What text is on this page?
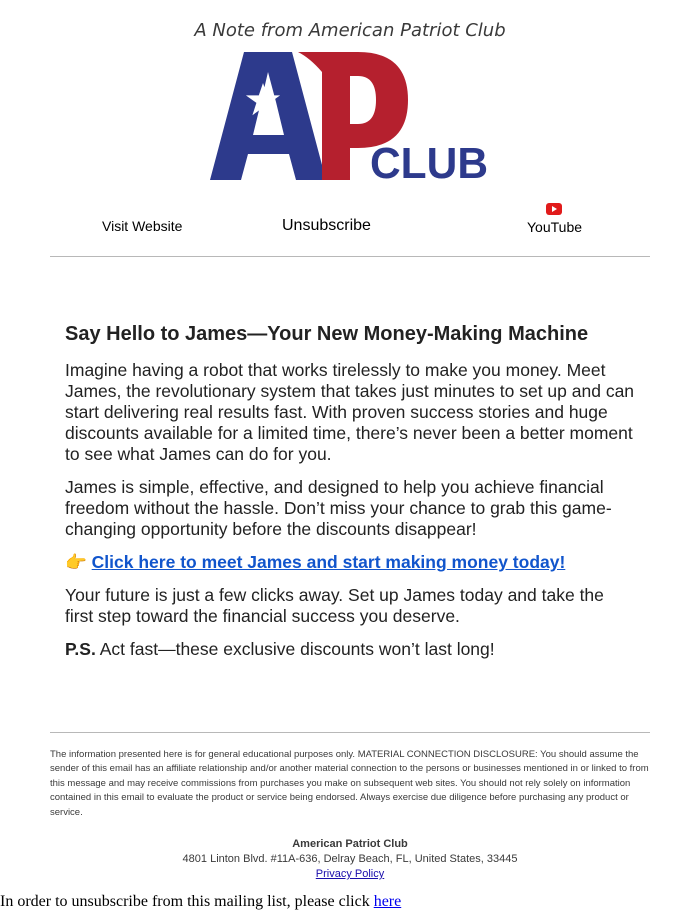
A Note from American Patriot Club
CLUB
Visit Website	Unsubscribe	YouTube
Say Hello to James—Your New Money-Making Machine

Imagine having a robot that works tirelessly to make you money. Meet James, the revolutionary system that takes just minutes to set up and can start delivering real results fast. With proven success stories and huge discounts available for a limited time, there’s never been a better moment to see what James can do for you.

James is simple, effective, and designed to help you achieve financial freedom without the hassle. Don’t miss your chance to grab this game-changing opportunity before the discounts disappear!

👉 Click here to meet James and start making money today!

Your future is just a few clicks away. Set up James today and take the first step toward the financial success you deserve.

P.S. Act fast—these exclusive discounts won’t last long!

The information presented here is for general educational purposes only. MATERIAL CONNECTION DISCLOSURE: You should assume the sender of this email has an affiliate relationship and/or another material connection to the persons or businesses mentioned in or linked to from this message and may receive commissions from purchases you make on subsequent web sites. You should not rely solely on information contained in this email to evaluate the product or service being endorsed. Always exercise due diligence before purchasing any product or service.
American Patriot Club
4801 Linton Blvd. #11A-636, Delray Beach, FL, United States, 33445
Privacy Policy
In order to unsubscribe from this mailing list, please click here
